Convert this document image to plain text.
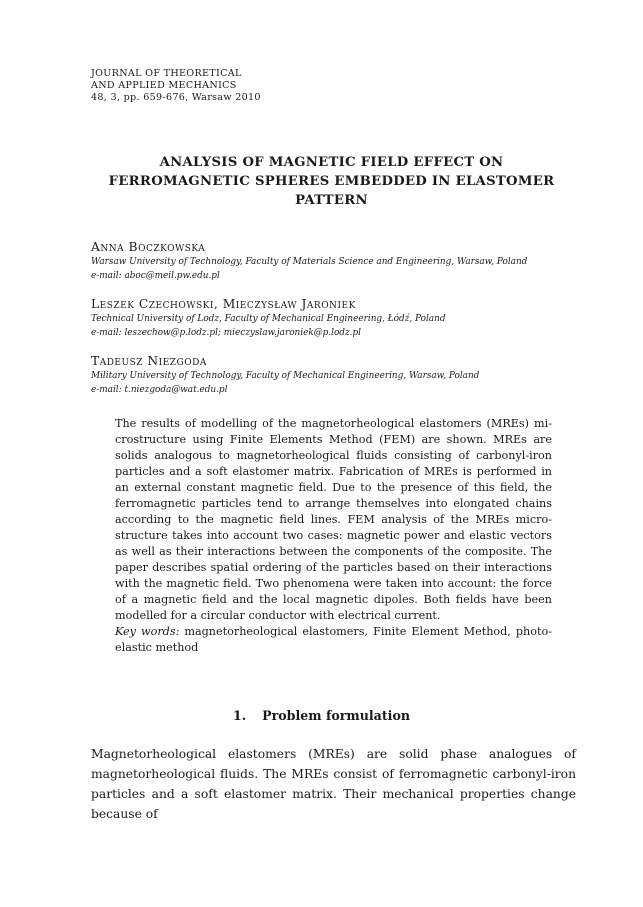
JOURNAL OF THEORETICAL
AND APPLIED MECHANICS
48, 3, pp. 659-676, Warsaw 2010
ANALYSIS OF MAGNETIC FIELD EFFECT ON
FERROMAGNETIC SPHERES EMBEDDED IN ELASTOMER
PATTERN
Anna Boczkowska
Warsaw University of Technology, Faculty of Materials Science and Engineering, Warsaw, Poland
e-mail: aboc@meil.pw.edu.pl
Leszek Czechowski, Mieczysław Jaroniek
Technical University of Lodz, Faculty of Mechanical Engineering, Łódź, Poland
e-mail: leszechow@p.lodz.pl; mieczyslaw.jaroniek@p.lodz.pl
Tadeusz Niezgoda
Military University of Technology, Faculty of Mechanical Engineering, Warsaw, Poland
e-mail: t.niezgoda@wat.edu.pl

The results of modelling of the magnetorheological elastomers (MREs) microstructure using Finite Elements Method (FEM) are shown. MREs are solids analogous to magnetorheological fluids consisting of carbonyl-iron particles and a soft elastomer matrix. Fabrication of MREs is performed in an external constant magnetic field. Due to the presence of this field, the ferromagnetic particles tend to arrange themselves into elongated chains according to the magnetic field lines. FEM analysis of the MREs microstructure takes into account two cases: magnetic power and elastic vectors as well as their interactions between the components of the composite. The paper describes spatial ordering of the particles based on their interactions with the magnetic field. Two phenomena were taken into account: the force of a magnetic field and the local magnetic dipoles. Both fields have been modelled for a circular conductor with electrical current.

Key words: magnetorheological elastomers, Finite Element Method, photoelastic method

1. Problem formulation

Magnetorheological elastomers (MREs) are solid phase analogues of magnetorheological fluids. The MREs consist of ferromagnetic carbonyl-iron particles and a soft elastomer matrix. Their mechanical properties change because of
